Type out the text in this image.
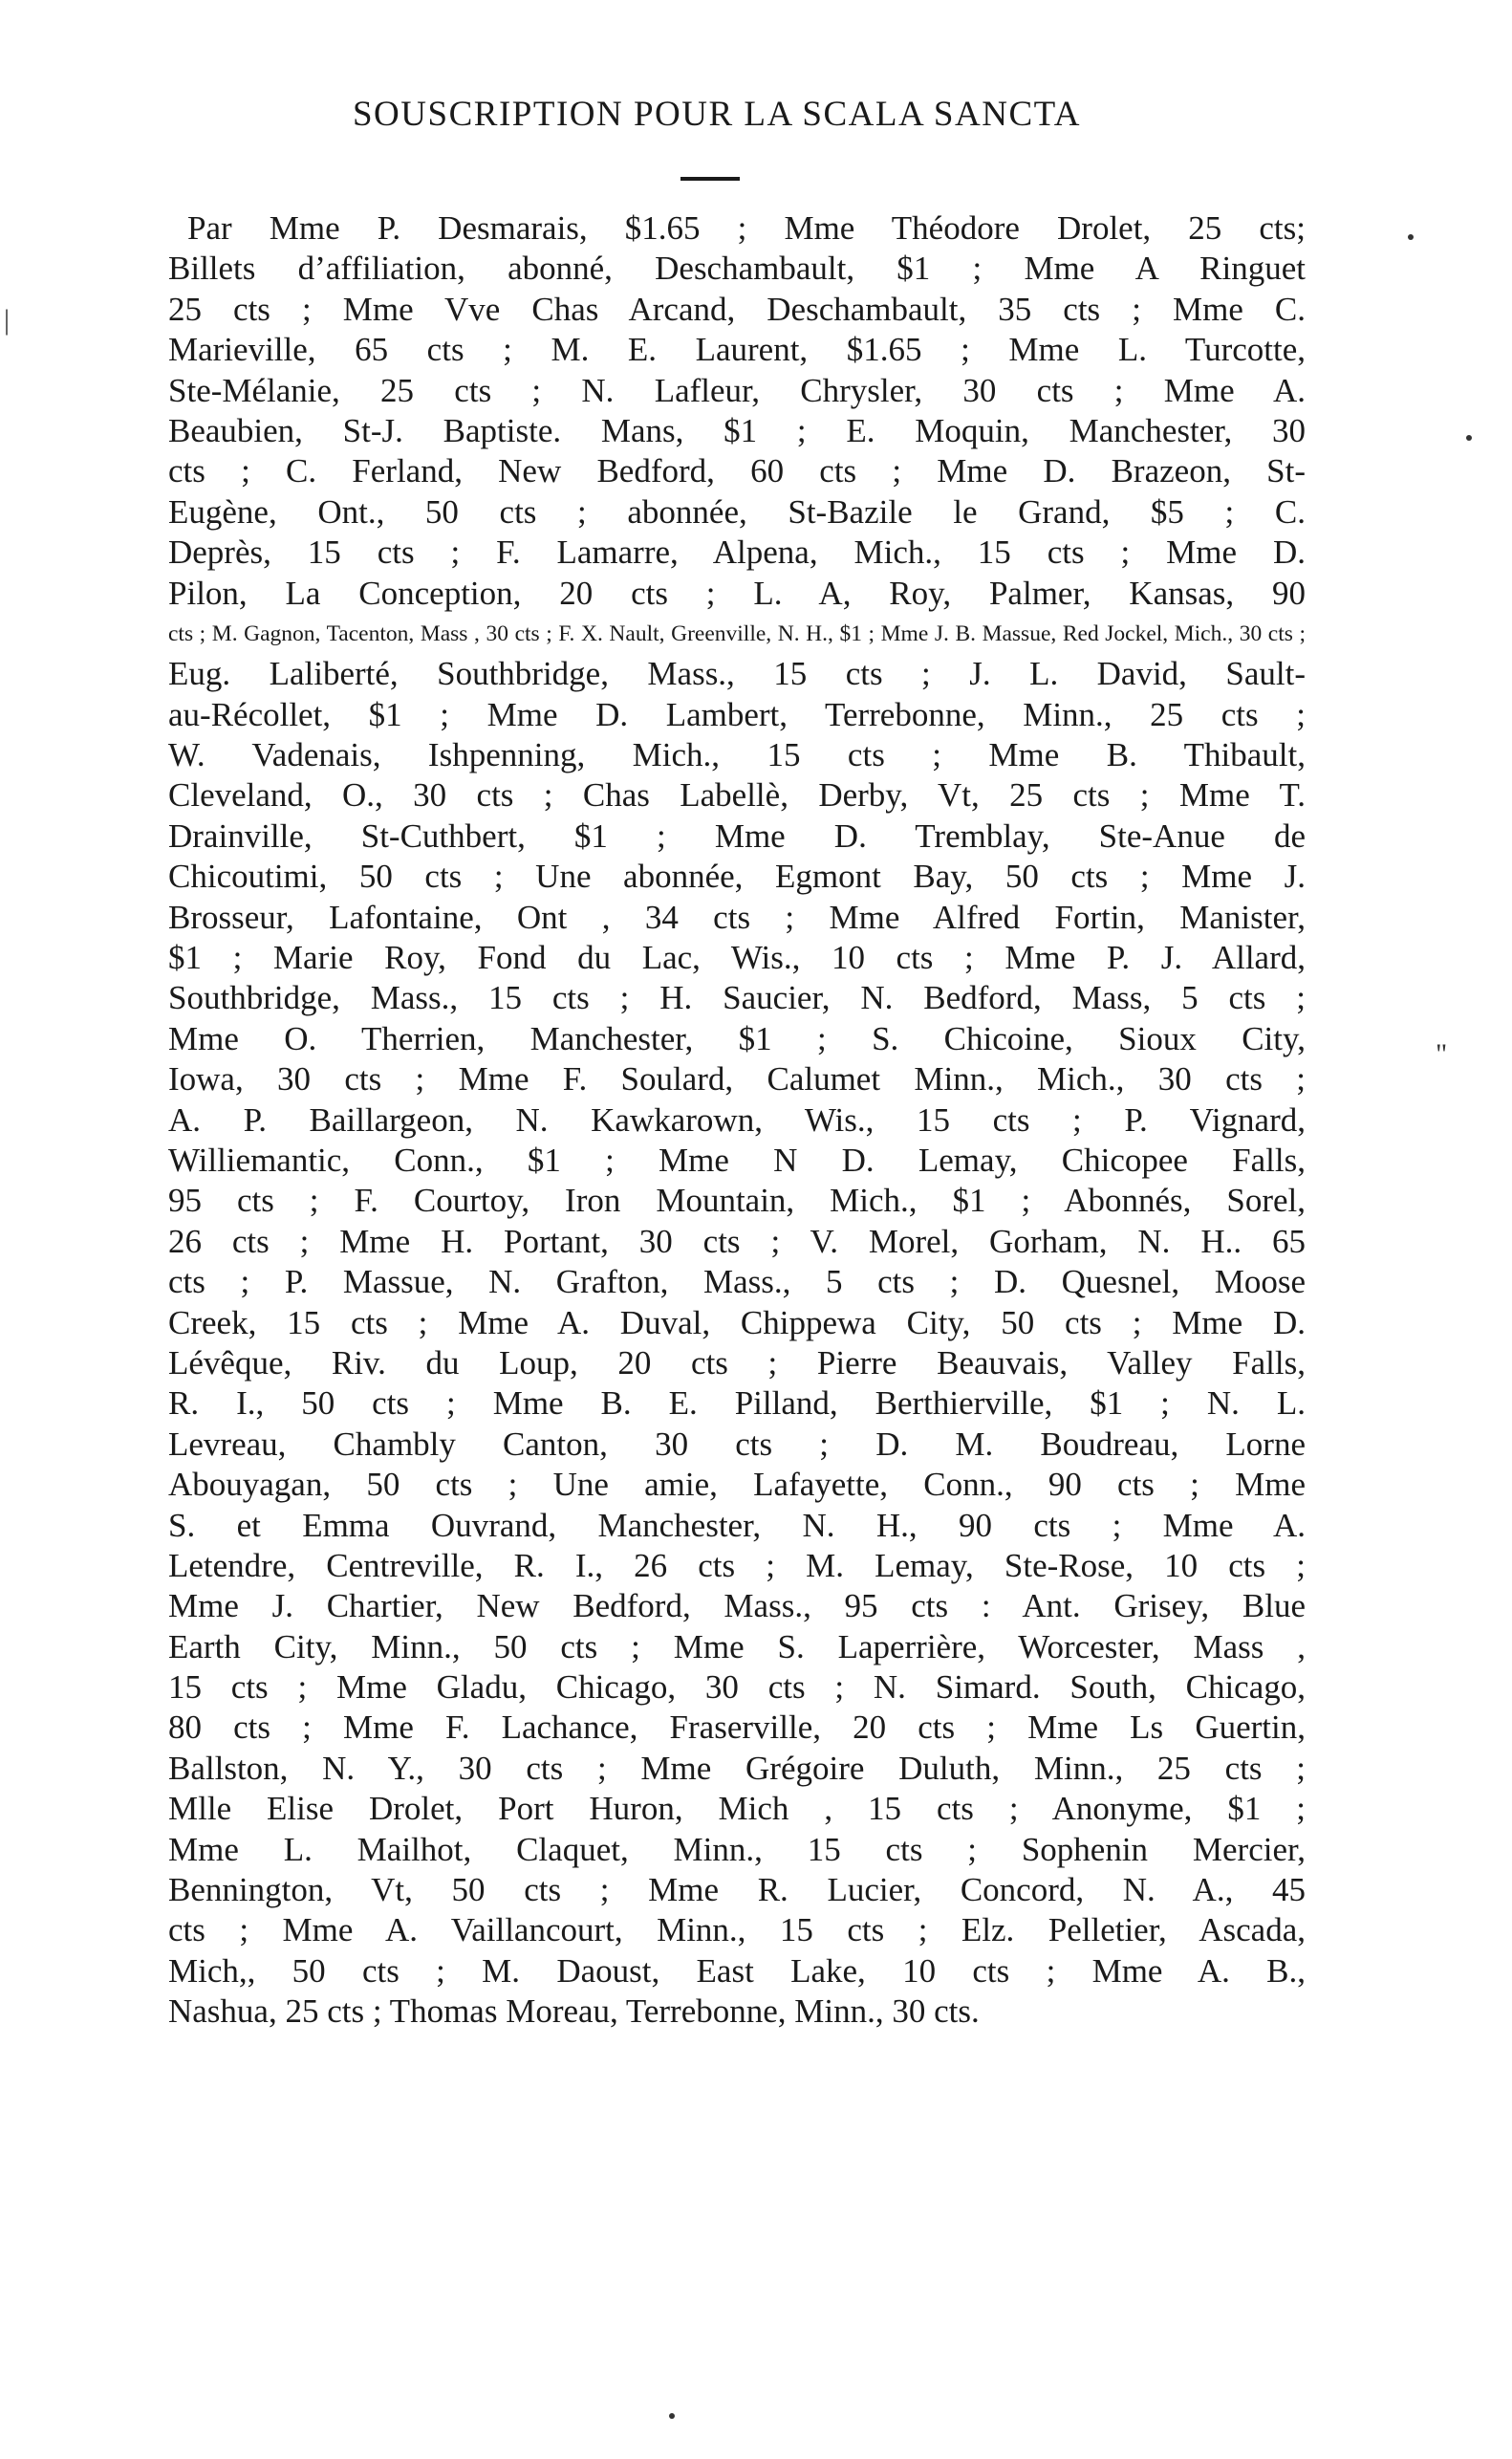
SOUSCRIPTION POUR LA SCALA SANCTA
Par Mme P. Desmarais, $1.65 ; Mme Théodore Drolet, 25 cts;
Billets d’affiliation, abonné, Deschambault, $1 ; Mme A Ringuet
25 cts ; Mme Vve Chas Arcand, Deschambault, 35 cts ; Mme C.
Marieville, 65 cts ; M. E. Laurent, $1.65 ; Mme L. Turcotte,
Ste-Mélanie, 25 cts ; N. Lafleur, Chrysler, 30 cts ; Mme A.
Beaubien, St-J. Baptiste. Mans, $1 ; E. Moquin, Manchester, 30
cts ; C. Ferland, New Bedford, 60 cts ; Mme D. Brazeon, St-
Eugène, Ont., 50 cts ; abonnée, St-Bazile le Grand, $5 ; C.
Deprès, 15 cts ; F. Lamarre, Alpena, Mich., 15 cts ; Mme D.
Pilon, La Conception, 20 cts ; L. A, Roy, Palmer, Kansas, 90
cts ; M. Gagnon, Tacenton, Mass , 30 cts ; F. X. Nault, Greenville, N. H., $1 ; Mme J. B. Massue, Red Jockel, Mich., 30 cts ;
Eug. Laliberté, Southbridge, Mass., 15 cts ; J. L. David, Sault-
au-Récollet, $1 ; Mme D. Lambert, Terrebonne, Minn., 25 cts ;
W. Vadenais, Ishpenning, Mich., 15 cts ; Mme B. Thibault,
Cleveland, O., 30 cts ; Chas Labellè, Derby, Vt, 25 cts ; Mme T.
Drainville, St-Cuthbert, $1 ; Mme D. Tremblay, Ste-Anue de
Chicoutimi, 50 cts ; Une abonnée, Egmont Bay, 50 cts ; Mme J.
Brosseur, Lafontaine, Ont , 34 cts ; Mme Alfred Fortin, Manister,
$1 ; Marie Roy, Fond du Lac, Wis., 10 cts ; Mme P. J. Allard,
Southbridge, Mass., 15 cts ; H. Saucier, N. Bedford, Mass, 5 cts ;
Mme O. Therrien, Manchester, $1 ; S. Chicoine, Sioux City,
Iowa, 30 cts ; Mme F. Soulard, Calumet Minn., Mich., 30 cts ;
A. P. Baillargeon, N. Kawkarown, Wis., 15 cts ; P. Vignard,
Williemantic, Conn., $1 ; Mme N D. Lemay, Chicopee Falls,
95 cts ; F. Courtoy, Iron Mountain, Mich., $1 ; Abonnés, Sorel,
26 cts ; Mme H. Portant, 30 cts ; V. Morel, Gorham, N. H.. 65
cts ; P. Massue, N. Grafton, Mass., 5 cts ; D. Quesnel, Moose
Creek, 15 cts ; Mme A. Duval, Chippewa City, 50 cts ; Mme D.
Lévêque, Riv. du Loup, 20 cts ; Pierre Beauvais, Valley Falls,
R. I., 50 cts ; Mme B. E. Pilland, Berthierville, $1 ; N. L.
Levreau, Chambly Canton, 30 cts ; D. M. Boudreau, Lorne
Abouyagan, 50 cts ; Une amie, Lafayette, Conn., 90 cts ; Mme
S. et Emma Ouvrand, Manchester, N. H., 90 cts ; Mme A.
Letendre, Centreville, R. I., 26 cts ; M. Lemay, Ste-Rose, 10 cts ;
Mme J. Chartier, New Bedford, Mass., 95 cts : Ant. Grisey, Blue
Earth City, Minn., 50 cts ; Mme S. Laperrière, Worcester, Mass ,
15 cts ; Mme Gladu, Chicago, 30 cts ; N. Simard. South, Chicago,
80 cts ; Mme F. Lachance, Fraserville, 20 cts ; Mme Ls Guertin,
Ballston, N. Y., 30 cts ; Mme Grégoire Duluth, Minn., 25 cts ;
Mlle Elise Drolet, Port Huron, Mich , 15 cts ; Anonyme, $1 ;
Mme L. Mailhot, Claquet, Minn., 15 cts ; Sophenin Mercier,
Bennington, Vt, 50 cts ; Mme R. Lucier, Concord, N. A., 45
cts ; Mme A. Vaillancourt, Minn., 15 cts ; Elz. Pelletier, Ascada,
Mich,, 50 cts ; M. Daoust, East Lake, 10 cts ; Mme A. B.,
Nashua, 25 cts ; Thomas Moreau, Terrebonne, Minn., 30 cts.
|
"
